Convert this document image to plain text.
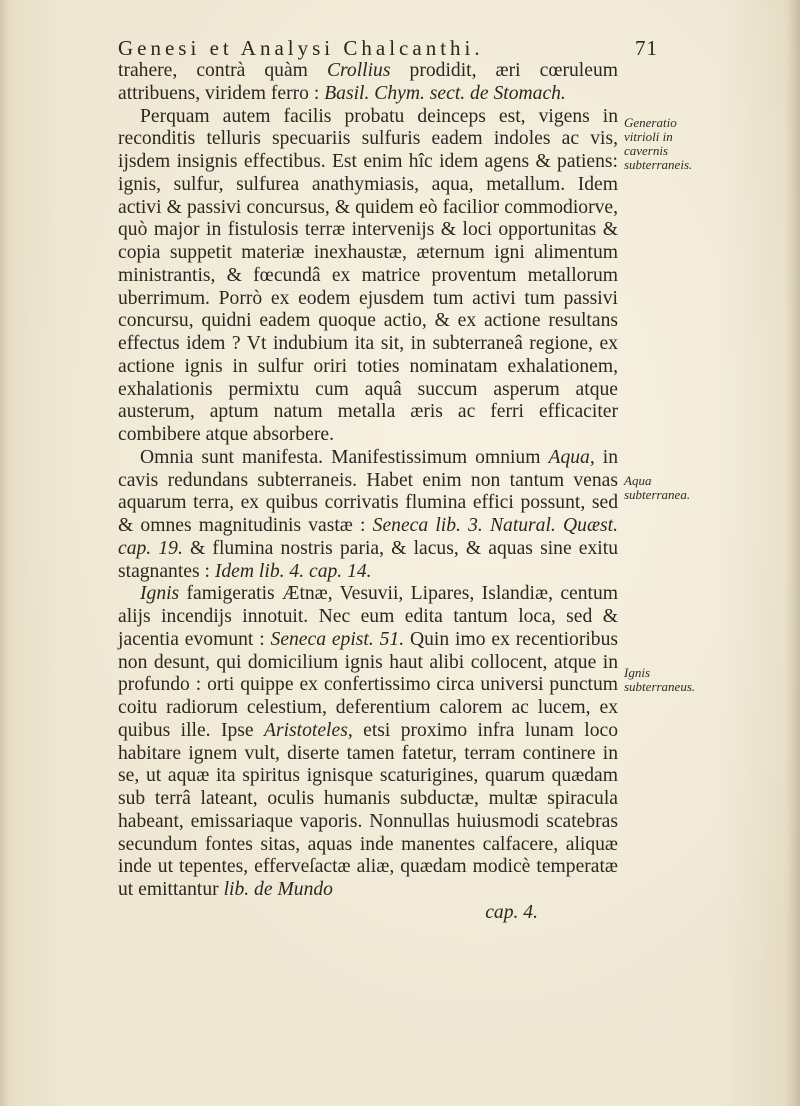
Genesi et Analysi Chalcanthi.	71

trahere, contrà quàm Crollius prodidit, æri cœruleum attribuens, viridem ferro : Basil. Chym. sect. de Stomach.

Perquam autem facilis probatu deinceps est, vigens in reconditis telluris specuariis sulfuris eadem indoles ac vis, ijsdem insignis effectibus. Est enim hîc idem agens & patiens: ignis, sulfur, sulfurea anathymiasis, aqua, metallum. Idem activi & passivi concursus, & quidem eò facilior commodiorve, quò major in fistulosis terræ intervenijs & loci opportunitas & copia suppetit materiæ inexhaustæ, æternum igni alimentum ministrantis, & fœcundâ ex matrice proventum metallorum uberrimum. Porrò ex eodem ejusdem tum activi tum passivi concursu, quidni eadem quoque actio, & ex actione resultans effectus idem ? Vt indubium ita sit, in subterraneâ regione, ex actione ignis in sulfur oriri toties nominatam exhalationem, exhalationis permixtu cum aquâ succum asperum atque austerum, aptum natum metalla æris ac ferri efficaciter combibere atque absorbere.

Omnia sunt manifesta. Manifestissimum omnium Aqua, in cavis redundans subterraneis. Habet enim non tantum venas aquarum terra, ex quibus corrivatis flumina effici possunt, sed & omnes magnitudinis vastæ : Seneca lib. 3. Natural. Quæst. cap. 19. & flumina nostris paria, & lacus, & aquas sine exitu stagnantes : Idem lib. 4. cap. 14.

Ignis famigeratis Ætnæ, Vesuvii, Lipares, Islandiæ, centum alijs incendijs innotuit. Nec eum edita tantum loca, sed & jacentia evomunt : Seneca epist. 51. Quin imo ex recentioribus non desunt, qui domicilium ignis haut alibi collocent, atque in profundo : orti quippe ex confertissimo circa universi punctum coitu radiorum celestium, deferentium calorem ac lucem, ex quibus ille. Ipse Aristoteles, etsi proximo infra lunam loco habitare ignem vult, diserte tamen fatetur, terram continere in se, ut aquæ ita spiritus ignisque scaturigines, quarum quædam sub terrâ lateant, oculis humanis subductæ, multæ spiracula habeant, emissariaque vaporis. Nonnullas huiusmodi scatebras secundum fontes sitas, aquas inde manentes calfacere, aliquæ inde ut tepentes, efferveſactæ aliæ, quædam modicè temperatæ ut emittantur lib. de Mundo

cap. 4.

Generatio vitrioli in cavernis subterraneis.
Aqua subterranea.
Ignis subterraneus.
